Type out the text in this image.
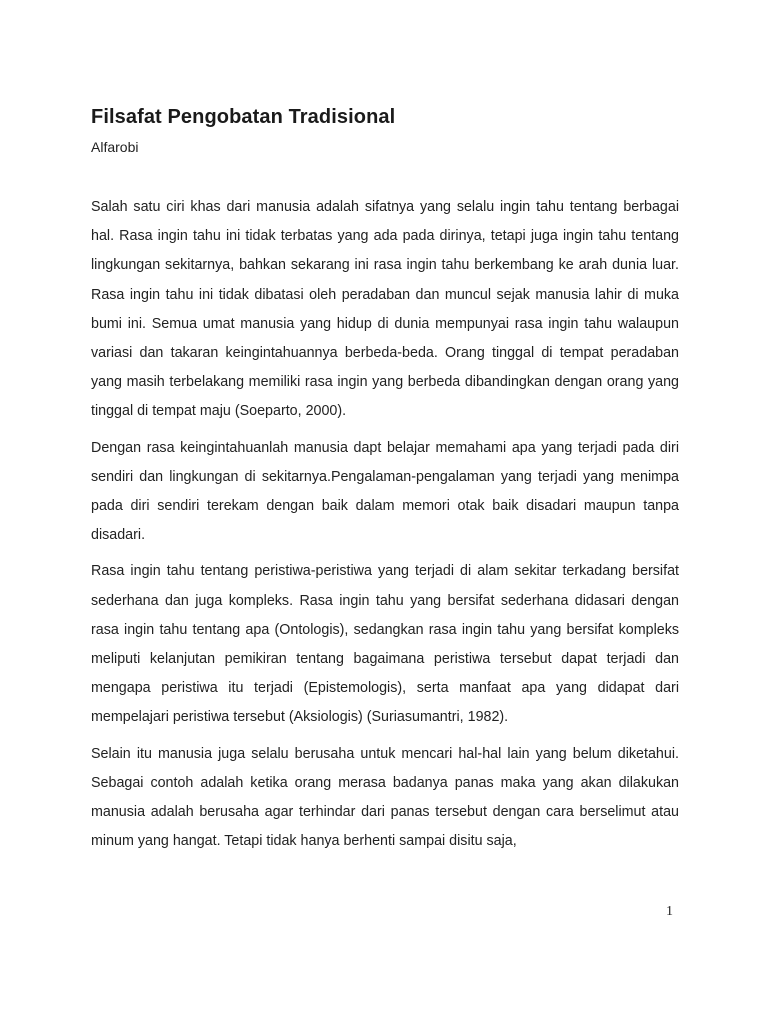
Filsafat Pengobatan Tradisional

Alfarobi

Salah satu ciri khas dari manusia adalah sifatnya yang selalu ingin tahu tentang berbagai hal. Rasa ingin tahu ini tidak terbatas yang ada pada dirinya, tetapi juga ingin tahu tentang lingkungan sekitarnya, bahkan sekarang ini rasa ingin tahu berkembang ke arah dunia luar. Rasa ingin tahu ini tidak dibatasi oleh peradaban dan muncul sejak manusia lahir di muka bumi ini. Semua umat manusia yang hidup di dunia mempunyai rasa ingin tahu walaupun variasi dan takaran keingintahuannya berbeda-beda. Orang tinggal di tempat peradaban yang masih terbelakang memiliki rasa ingin yang berbeda dibandingkan dengan orang yang tinggal di tempat maju (Soeparto, 2000).

Dengan rasa keingintahuanlah manusia dapt belajar memahami apa yang terjadi pada diri sendiri dan lingkungan di sekitarnya.Pengalaman-pengalaman yang terjadi yang menimpa pada diri sendiri terekam dengan baik dalam memori otak baik disadari maupun tanpa disadari.

Rasa ingin tahu tentang peristiwa-peristiwa yang terjadi di alam sekitar terkadang bersifat sederhana dan juga kompleks. Rasa ingin tahu yang bersifat sederhana didasari dengan rasa ingin tahu tentang apa (Ontologis), sedangkan rasa ingin tahu yang bersifat kompleks meliputi kelanjutan pemikiran tentang bagaimana peristiwa tersebut dapat terjadi dan mengapa peristiwa itu terjadi (Epistemologis), serta manfaat apa yang didapat dari mempelajari peristiwa tersebut (Aksiologis) (Suriasumantri, 1982).

Selain itu manusia juga selalu berusaha untuk mencari hal-hal lain yang belum diketahui. Sebagai contoh adalah ketika orang merasa badanya panas maka yang akan dilakukan manusia adalah berusaha agar terhindar dari panas tersebut dengan cara berselimut atau minum yang hangat. Tetapi tidak hanya berhenti sampai disitu saja,

1
